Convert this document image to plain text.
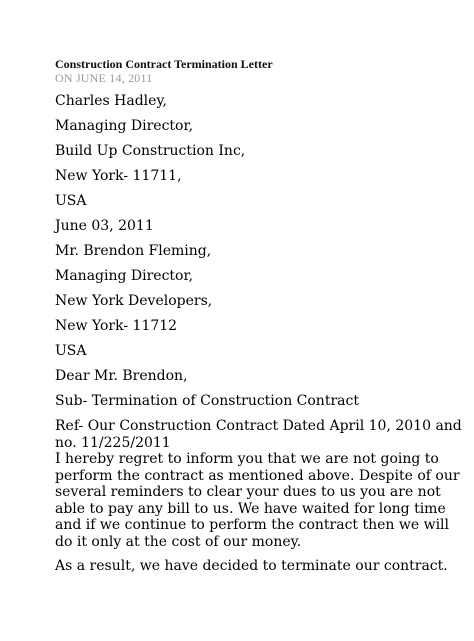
Construction Contract Termination Letter
ON JUNE 14, 2011
Charles Hadley,
Managing Director,
Build Up Construction Inc,
New York- 11711,
USA
June 03, 2011
Mr. Brendon Fleming,
Managing Director,
New York Developers,
New York- 11712
USA
Dear Mr. Brendon,
Sub- Termination of Construction Contract
Ref- Our Construction Contract Dated April 10, 2010 and
no. 11/225/2011
I hereby regret to inform you that we are not going to
perform the contract as mentioned above. Despite of our
several reminders to clear your dues to us you are not
able to pay any bill to us. We have waited for long time
and if we continue to perform the contract then we will
do it only at the cost of our money.
As a result, we have decided to terminate our contract.
